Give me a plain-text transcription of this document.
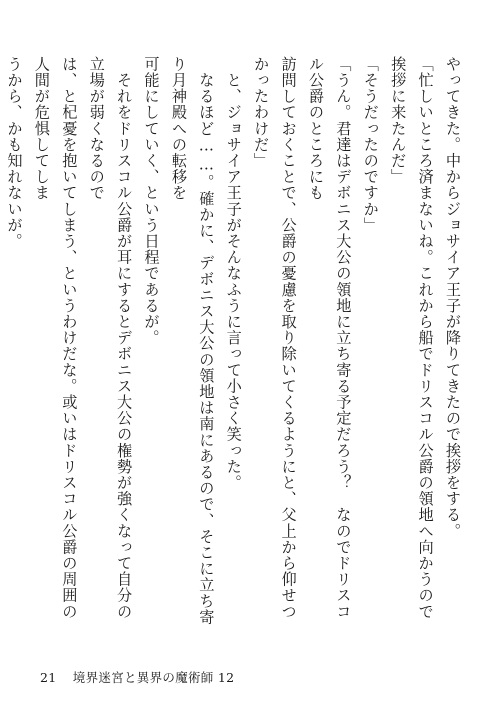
やってきた。中からジョサイア王子が降りてきたので挨拶をする。

「忙しいところ済まないね。これから船でドリスコル公爵の領地へ向かうので挨拶に来たんだ」

「そうだったのですか」

「うん。君達はデボニス大公の領地に立ち寄る予定だろう？　なのでドリスコル公爵のところにも

訪問しておくことで、公爵の憂慮を取り除いてくるようにと、父上から仰せつかったわけだ」

　と、ジョサイア王子がそんなふうに言って小さく笑った。

　なるほど……。確かに、デボニス大公の領地は南にあるので、そこに立ち寄り月神殿への転移を

可能にしていく、という日程であるが。

　それをドリスコル公爵が耳にするとデボニス大公の権勢が強くなって自分の立場が弱くなるので

は、と杞憂を抱いてしまう、というわけだな。或いはドリスコル公爵の周囲の人間が危惧してしま

うから、かも知れないが。

21 境界迷宮と異界の魔術師 12
